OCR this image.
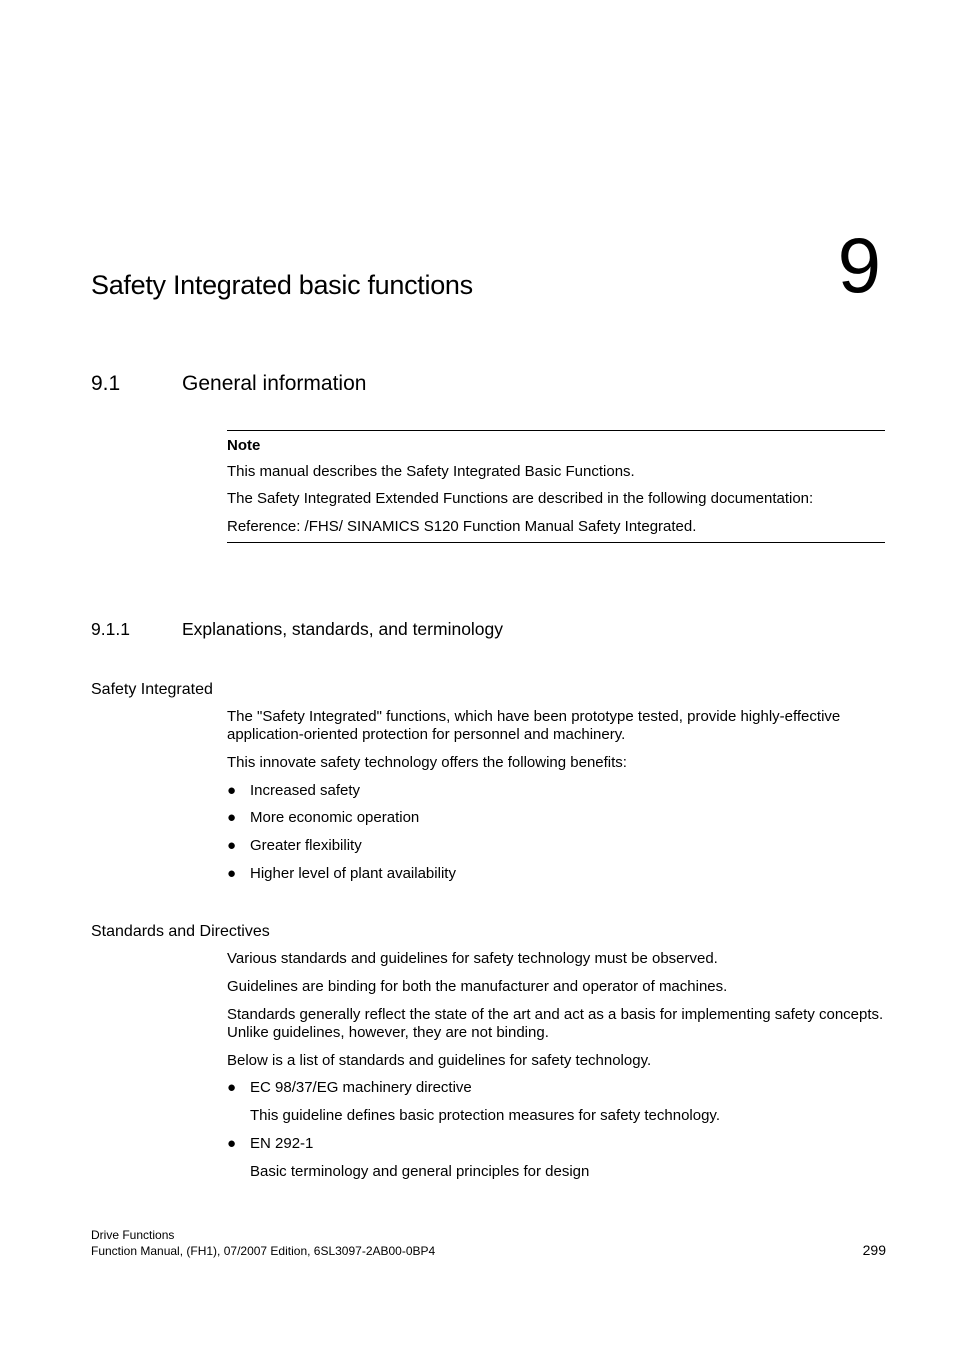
Safety Integrated basic functions	9
9.1	General information
Note
This manual describes the Safety Integrated Basic Functions.
The Safety Integrated Extended Functions are described in the following documentation:
Reference: /FHS/ SINAMICS S120 Function Manual Safety Integrated.
9.1.1	Explanations, standards, and terminology
Safety Integrated
The "Safety Integrated" functions, which have been prototype tested, provide highly-effective application-oriented protection for personnel and machinery.
This innovate safety technology offers the following benefits:
● Increased safety
● More economic operation
● Greater flexibility
● Higher level of plant availability
Standards and Directives
Various standards and guidelines for safety technology must be observed.
Guidelines are binding for both the manufacturer and operator of machines.
Standards generally reflect the state of the art and act as a basis for implementing safety concepts. Unlike guidelines, however, they are not binding.
Below is a list of standards and guidelines for safety technology.
● EC 98/37/EG machinery directive
This guideline defines basic protection measures for safety technology.
● EN 292-1
Basic terminology and general principles for design
Drive Functions
Function Manual, (FH1), 07/2007 Edition, 6SL3097-2AB00-0BP4	299
